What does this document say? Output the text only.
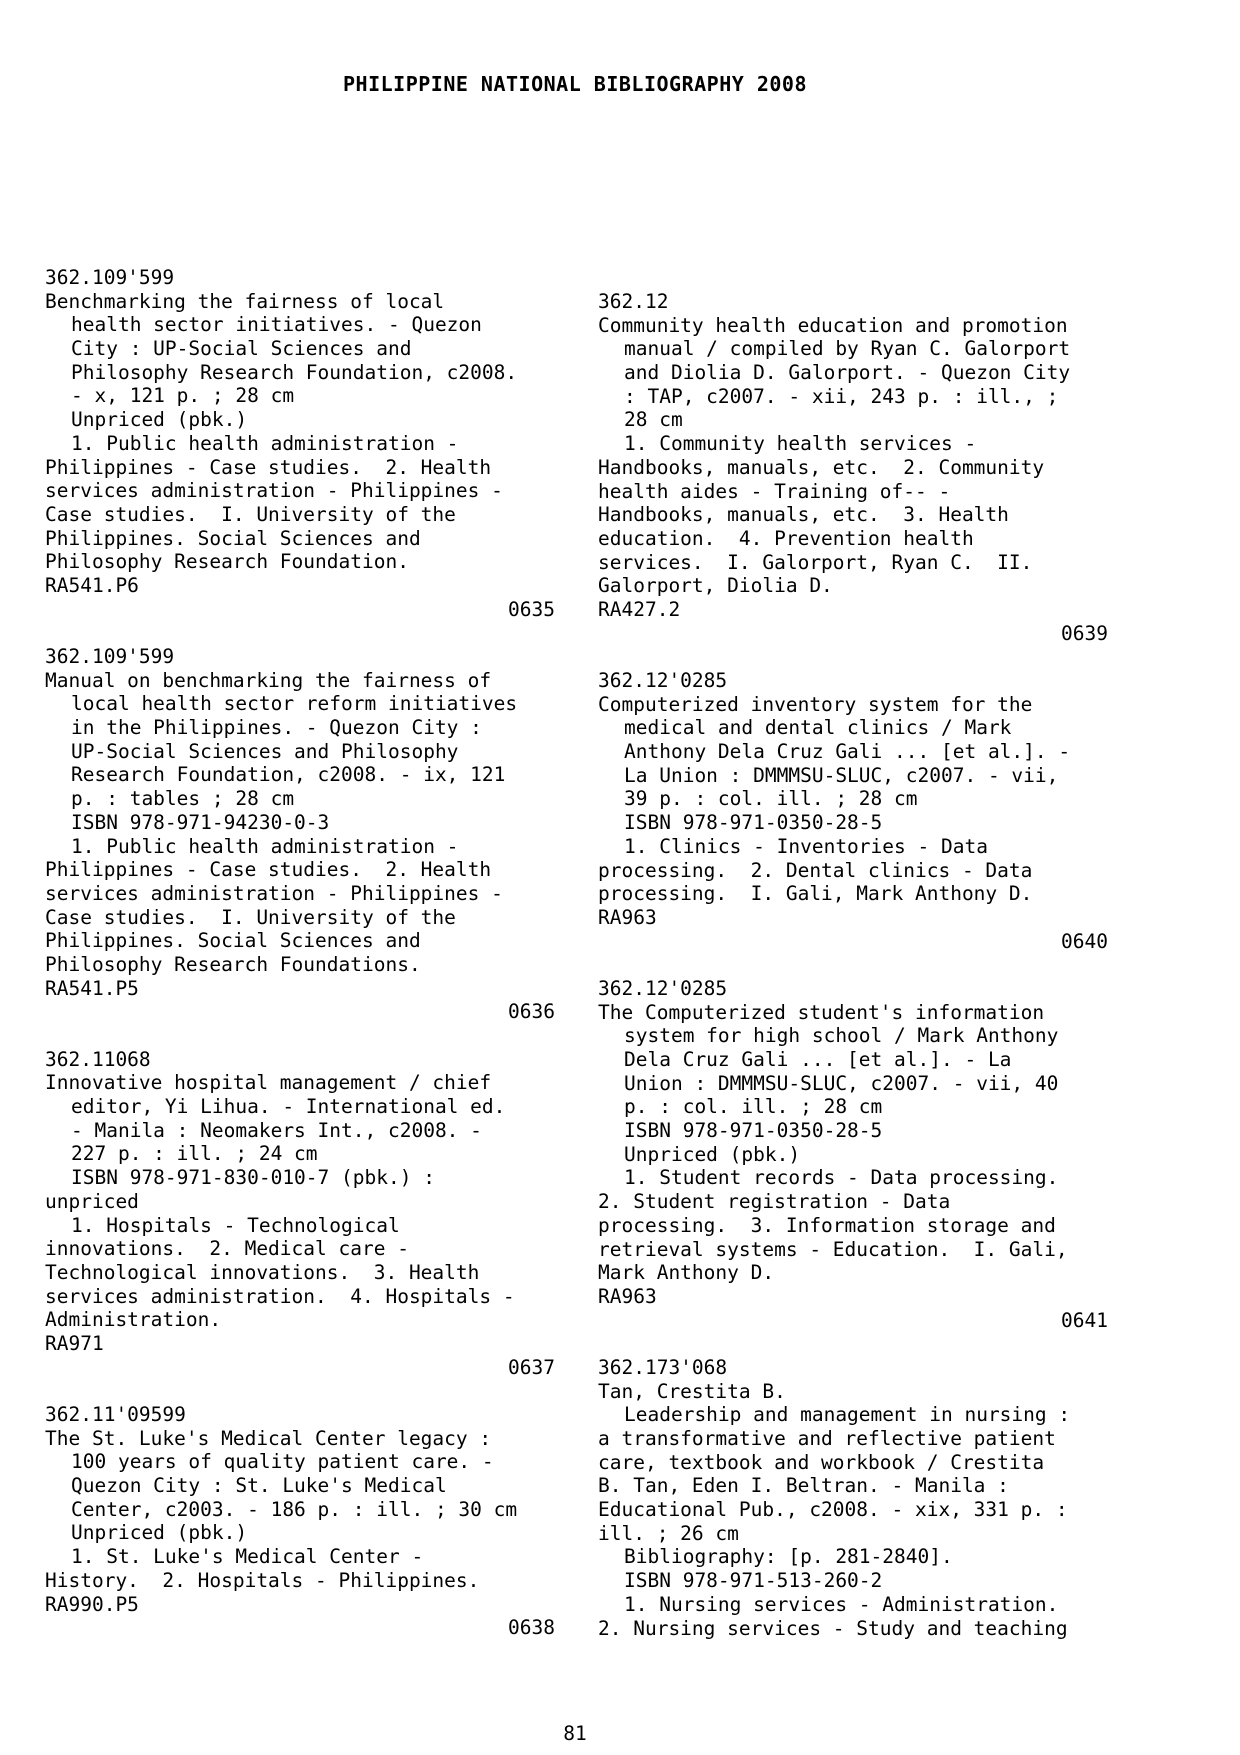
PHILIPPINE NATIONAL BIBLIOGRAPHY 2008
362.109'599
Benchmarking the fairness of local
health sector initiatives. - Quezon
City : UP-Social Sciences and
Philosophy Research Foundation, c2008.
- x, 121 p. ; 28 cm
Unpriced (pbk.)
1. Public health administration -
Philippines - Case studies.  2. Health
services administration - Philippines -
Case studies.  I. University of the
Philippines. Social Sciences and
Philosophy Research Foundation.
RA541.P6
0635
362.109'599
Manual on benchmarking the fairness of
local health sector reform initiatives
in the Philippines. - Quezon City :
UP-Social Sciences and Philosophy
Research Foundation, c2008. - ix, 121
p. : tables ; 28 cm
ISBN 978-971-94230-0-3
1. Public health administration -
Philippines - Case studies.  2. Health
services administration - Philippines -
Case studies.  I. University of the
Philippines. Social Sciences and
Philosophy Research Foundations.
RA541.P5
0636
362.11068
Innovative hospital management / chief
editor, Yi Lihua. - International ed.
- Manila : Neomakers Int., c2008. -
227 p. : ill. ; 24 cm
ISBN 978-971-830-010-7 (pbk.) :
unpriced
1. Hospitals - Technological
innovations.  2. Medical care -
Technological innovations.  3. Health
services administration.  4. Hospitals -
Administration.
RA971
0637
362.11'09599
The St. Luke's Medical Center legacy :
100 years of quality patient care. -
Quezon City : St. Luke's Medical
Center, c2003. - 186 p. : ill. ; 30 cm
Unpriced (pbk.)
1. St. Luke's Medical Center -
History.  2. Hospitals - Philippines.
RA990.P5
0638
362.12
Community health education and promotion
manual / compiled by Ryan C. Galorport
and Diolia D. Galorport. - Quezon City
: TAP, c2007. - xii, 243 p. : ill., ;
28 cm
1. Community health services -
Handbooks, manuals, etc.  2. Community
health aides - Training of-- -
Handbooks, manuals, etc.  3. Health
education.  4. Prevention health
services.  I. Galorport, Ryan C.  II.
Galorport, Diolia D.
RA427.2
0639
362.12'0285
Computerized inventory system for the
medical and dental clinics / Mark
Anthony Dela Cruz Gali ... [et al.]. -
La Union : DMMMSU-SLUC, c2007. - vii,
39 p. : col. ill. ; 28 cm
ISBN 978-971-0350-28-5
1. Clinics - Inventories - Data
processing.  2. Dental clinics - Data
processing.  I. Gali, Mark Anthony D.
RA963
0640
362.12'0285
The Computerized student's information
system for high school / Mark Anthony
Dela Cruz Gali ... [et al.]. - La
Union : DMMMSU-SLUC, c2007. - vii, 40
p. : col. ill. ; 28 cm
ISBN 978-971-0350-28-5
Unpriced (pbk.)
1. Student records - Data processing.
2. Student registration - Data
processing.  3. Information storage and
retrieval systems - Education.  I. Gali,
Mark Anthony D.
RA963
0641
362.173'068
Tan, Crestita B.
Leadership and management in nursing :
a transformative and reflective patient
care, textbook and workbook / Crestita
B. Tan, Eden I. Beltran. - Manila :
Educational Pub., c2008. - xix, 331 p. :
ill. ; 26 cm
Bibliography: [p. 281-2840].
ISBN 978-971-513-260-2
1. Nursing services - Administration.
2. Nursing services - Study and teaching
81
